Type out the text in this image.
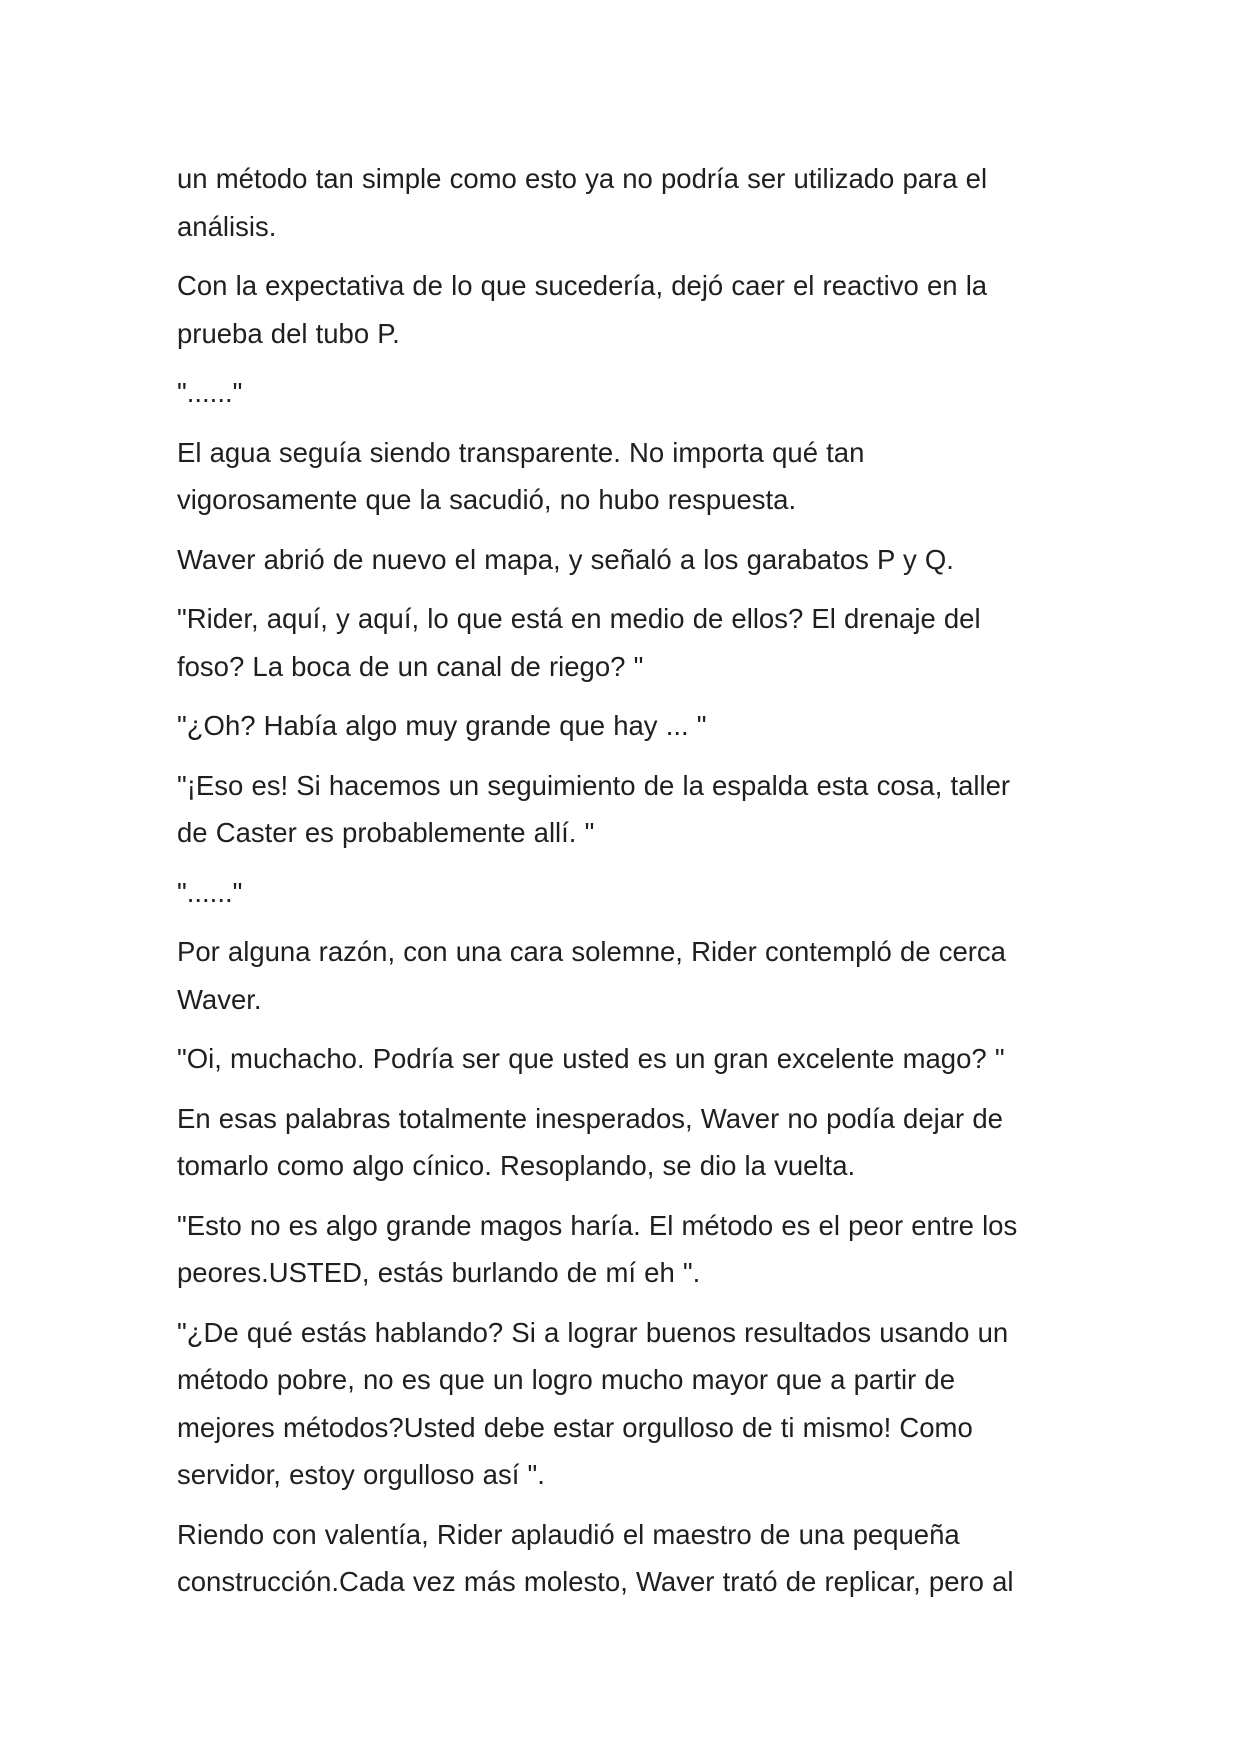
un método tan simple como esto ya no podría ser utilizado para el
análisis.

Con la expectativa de lo que sucedería, dejó caer el reactivo en la
prueba del tubo P.

"......"

El agua seguía siendo transparente. No importa qué tan
vigorosamente que la sacudió, no hubo respuesta.

Waver abrió de nuevo el mapa, y señaló a los garabatos P y Q.

"Rider, aquí, y aquí, lo que está en medio de ellos? El drenaje del
foso? La boca de un canal de riego? "

"¿Oh? Había algo muy grande que hay ... "

"¡Eso es! Si hacemos un seguimiento de la espalda esta cosa, taller
de Caster es probablemente allí. "

"......"

Por alguna razón, con una cara solemne, Rider contempló de cerca
Waver.

"Oi, muchacho. Podría ser que usted es un gran excelente mago? "

En esas palabras totalmente inesperados, Waver no podía dejar de
tomarlo como algo cínico. Resoplando, se dio la vuelta.

"Esto no es algo grande magos haría. El método es el peor entre los
peores.USTED, estás burlando de mí eh ".

"¿De qué estás hablando? Si a lograr buenos resultados usando un
método pobre, no es que un logro mucho mayor que a partir de
mejores métodos?Usted debe estar orgulloso de ti mismo! Como
servidor, estoy orgulloso así ".

Riendo con valentía, Rider aplaudió el maestro de una pequeña
construcción.Cada vez más molesto, Waver trató de replicar, pero al
